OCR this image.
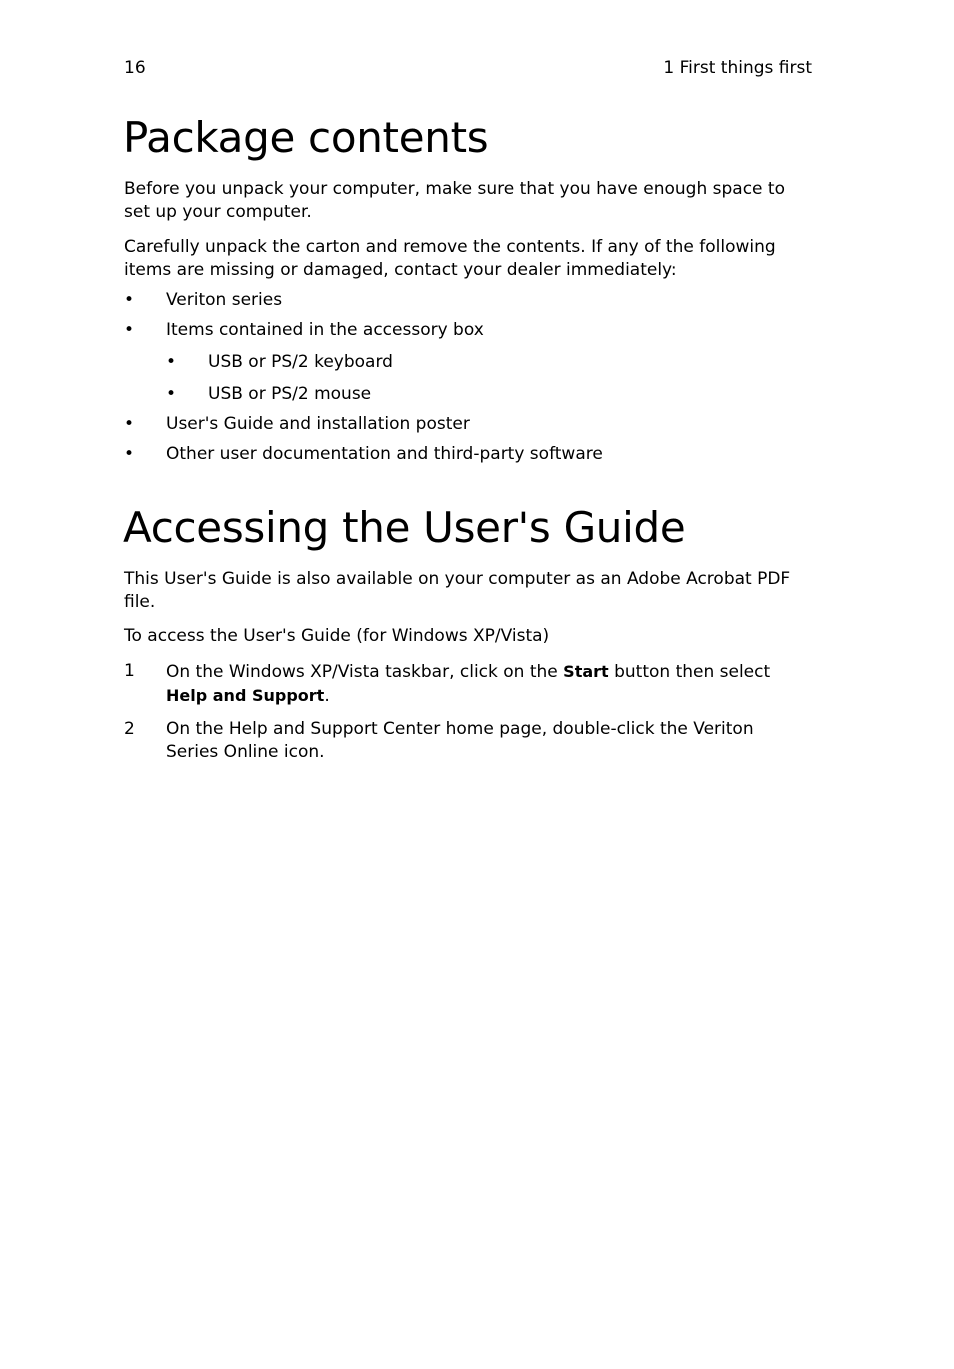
16	1 First things first
Package contents

Before you unpack your computer, make sure that you have enough space to set up your computer.

Carefully unpack the carton and remove the contents. If any of the following items are missing or damaged, contact your dealer immediately:

• Veriton series
• Items contained in the accessory box
• USB or PS/2 keyboard
• USB or PS/2 mouse
• User's Guide and installation poster
• Other user documentation and third-party software
Accessing the User's Guide

This User's Guide is also available on your computer as an Adobe Acrobat PDF file.

To access the User's Guide (for Windows XP/Vista)

1 On the Windows XP/Vista taskbar, click on the Start button then select Help and Support.
2 On the Help and Support Center home page, double-click the Veriton Series Online icon.
